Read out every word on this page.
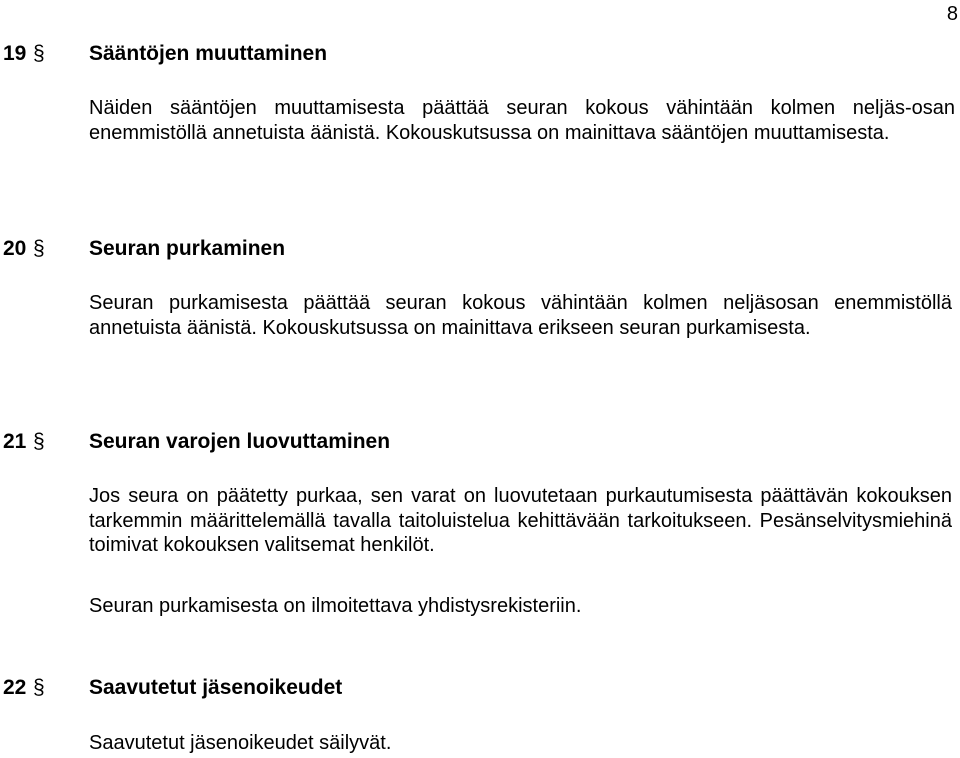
8
19 § Sääntöjen muuttaminen

Näiden sääntöjen muuttamisesta päättää seuran kokous vähintään kolmen neljäs-osan enemmistöllä annetuista äänistä. Kokouskutsussa on mainittava sääntöjen muuttamisesta.

20 § Seuran purkaminen

Seuran purkamisesta päättää seuran kokous vähintään kolmen neljäsosan enemmistöllä annetuista äänistä. Kokouskutsussa on mainittava erikseen seuran purkamisesta.

21 § Seuran varojen luovuttaminen

Jos seura on päätetty purkaa, sen varat on luovutetaan purkautumisesta päättävän kokouksen tarkemmin määrittelemällä tavalla taitoluistelua kehittävään tarkoitukseen. Pesänselvitysmiehinä toimivat kokouksen valitsemat henkilöt.

Seuran purkamisesta on ilmoitettava yhdistysrekisteriin.

22 § Saavutetut jäsenoikeudet

Saavutetut jäsenoikeudet säilyvät.
